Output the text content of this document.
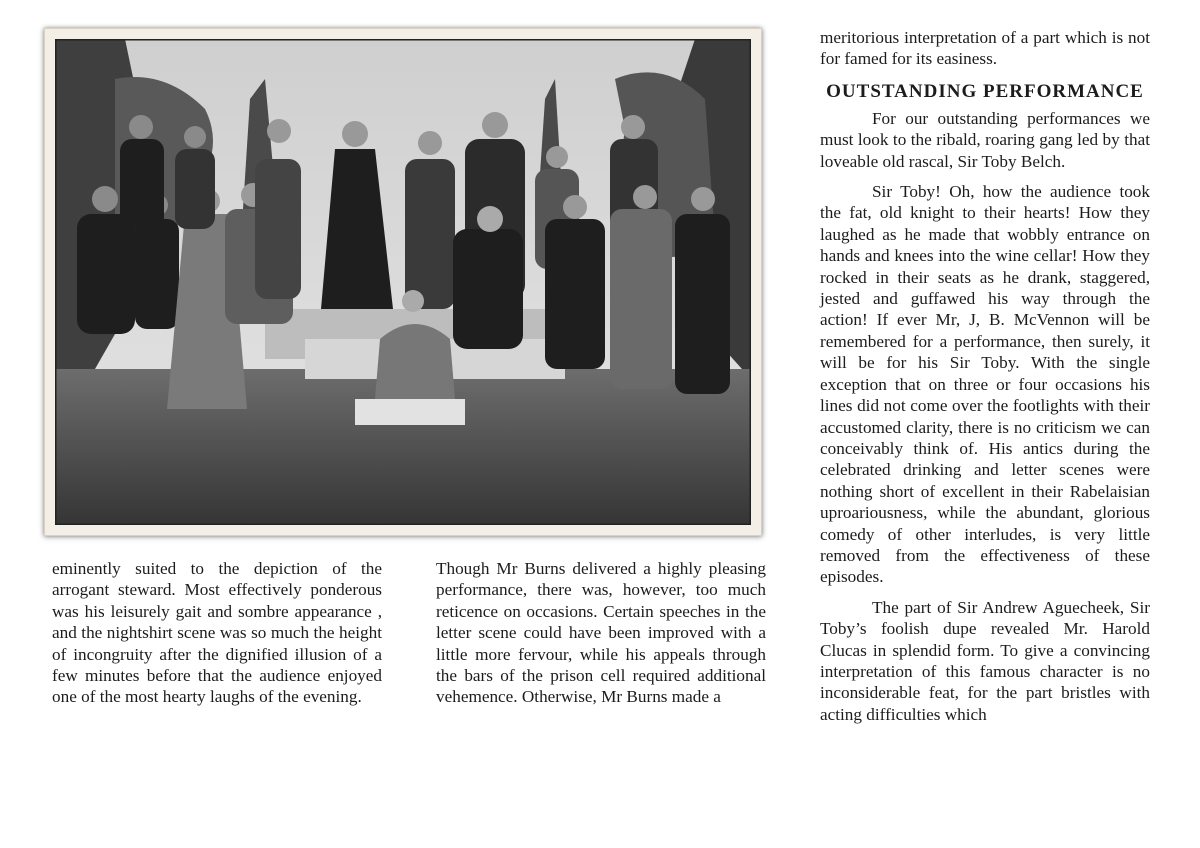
eminently suited to the depiction of the arrogant steward. Most effectively ponderous was his leisurely gait and sombre appearance , and the nightshirt scene was so much the height of incongruity after the dignified illusion of a few minutes before that the audience enjoyed one of the most hearty laughs of the evening.

Though Mr Burns delivered a highly pleasing performance, there was, however, too much reticence on occasions. Certain speeches in the letter scene could have been improved with a little more fervour, while his appeals through the bars of the prison cell required additional vehemence. Otherwise, Mr Burns made a

meritorious interpretation of a part which is not for famed for its easiness.

OUTSTANDING PERFORMANCE

For our outstanding performances we must look to the ribald, roaring gang led by that loveable old rascal, Sir Toby Belch.

Sir Toby! Oh, how the audience took the fat, old knight to their hearts! How they laughed as he made that wobbly entrance on hands and knees into the wine cellar! How they rocked in their seats as he drank, staggered, jested and guffawed his way through the action! If ever Mr, J, B. McVennon will be remembered for a performance, then surely, it will be for his Sir Toby. With the single exception that on three or four occasions his lines did not come over the footlights with their accustomed clarity, there is no criticism we can conceivably think of. His antics during the celebrated drinking and letter scenes were nothing short of excellent in their Rabelaisian uproariousness, while the abundant, glorious comedy of other interludes, is very little removed from the effectiveness of these episodes.

The part of Sir Andrew Aguecheek, Sir Toby’s foolish dupe revealed Mr. Harold Clucas in splendid form. To give a convincing interpretation of this famous character is no inconsiderable feat, for the part bristles with acting difficulties which
